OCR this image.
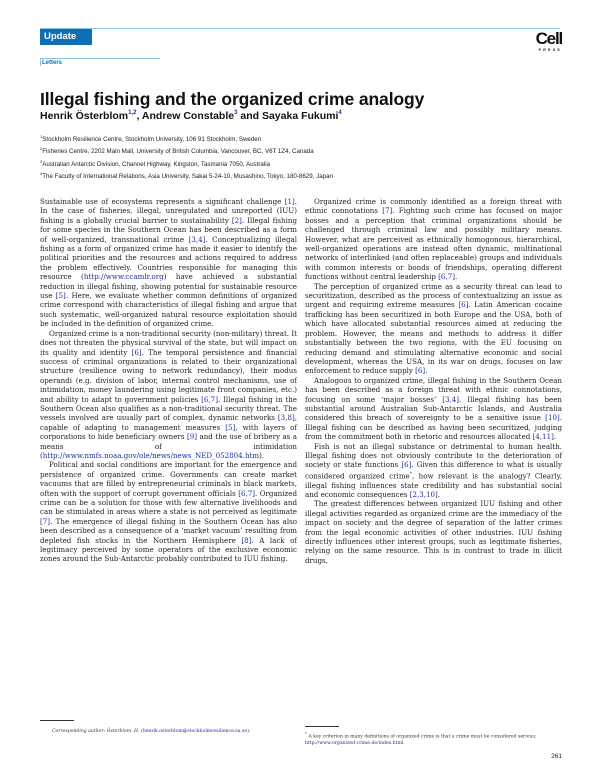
Update	Cell
PRESS
Letters
Illegal fishing and the organized crime analogy
Henrik Österblom$^{1,2}$, Andrew Constable$^3$ and Sayaka Fukumi$^4$
$^1$Stockholm Resilience Centre, Stockholm University, 106 91 Stockholm, Sweden
$^2$Fisheries Centre, 2202 Main Mall, University of British Columbia, Vancouver, BC, V6T 1Z4, Canada
$^3$Australian Antarctic Division, Channel Highway, Kingston, Tasmania 7050, Australia
$^4$The Faculty of International Relations, Asia University, Sakai 5-24-10, Musashino, Tokyo, 180-8629, Japan

Sustainable use of ecosystems represents a significant challenge [1]. In the case of fisheries, illegal, unregulated and unreported (IUU) fishing is a globally crucial barrier to sustainability [2]. Illegal fishing for some species in the Southern Ocean has been described as a form of well-organized, transnational crime [3,4]. Conceptualizing illegal fishing as a form of organized crime has made it easier to identify the political priorities and the resources and actions required to address the problem effectively. Countries responsible for managing this resource (http://www.ccamlr.org) have achieved a substantial reduction in illegal fishing, showing potential for sustainable resource use [5]. Here, we evaluate whether common definitions of organized crime correspond with characteristics of illegal fishing and argue that such systematic, well-organized natural resource exploitation should be included in the definition of organized crime.

Organized crime is a non-traditional security (non-military) threat. It does not threaten the physical survival of the state, but will impact on its quality and identity [6]. The temporal persistence and financial success of criminal organizations is related to their organizational structure (resilience owing to network redundancy), their modus operandi (e.g. division of labor, internal control mechanisms, use of intimidation, money laundering using legitimate front companies, etc.) and ability to adapt to government policies [6,7]. Illegal fishing in the Southern Ocean also qualifies as a non-traditional security threat. The vessels involved are usually part of complex, dynamic networks [3,8], capable of adapting to management measures [5], with layers of corporations to hide beneficiary owners [9] and the use of bribery as a means of intimidation (http://www.nmfs.noaa.gov/ole/news/news_NED_052804.htm).

Political and social conditions are important for the emergence and persistence of organized crime. Governments can create market vacuums that are filled by entrepreneurial criminals in black markets, often with the support of corrupt government officials [6,7]. Organized crime can be a solution for those with few alternative livelihoods and can be stimulated in areas where a state is not perceived as legitimate [7]. The emergence of illegal fishing in the Southern Ocean has also been described as a consequence of a ‘market vacuum’ resulting from depleted fish stocks in the Northern Hemisphere [8]. A lack of legitimacy perceived by some operators of the exclusive economic zones around the Sub-Antarctic probably contributed to IUU fishing.

Organized crime is commonly identified as a foreign threat with ethnic connotations [7]. Fighting such crime has focused on major bosses and a perception that criminal organizations should be challenged through criminal law and possibly military means. However, what are perceived as ethnically homogonous, hierarchical, well-organized operations are instead often dynamic, multinational networks of interlinked (and often replaceable) groups and individuals with common interests or bonds of friendships, operating different functions without central leadership [6,7].

The perception of organized crime as a security threat can lead to securitization, described as the process of contextualizing an issue as urgent and requiring extreme measures [6]. Latin American cocaine trafficking has been securitized in both Europe and the USA, both of which have allocated substantial resources aimed at reducing the problem. However, the means and methods to address it differ substantially between the two regions, with the EU focusing on reducing demand and stimulating alternative economic and social development, whereas the USA, in its war on drugs, focuses on law enforcement to reduce supply [6].

Analogous to organized crime, illegal fishing in the Southern Ocean has been described as a foreign threat with ethnic connotations, focusing on some ‘major bosses’ [3,4]. Illegal fishing has been substantial around Australian Sub-Antarctic Islands, and Australia considered this breach of sovereignty to be a sensitive issue [10]. Illegal fishing can be described as having been securitized, judging from the commitment both in rhetoric and resources allocated [4,11].

Fish is not an illegal substance or detrimental to human health. Illegal fishing does not obviously contribute to the deterioration of society or state functions [6]. Given this difference to what is usually considered organized crime*, how relevant is the analogy? Clearly, illegal fishing influences state credibility and has substantial social and economic consequences [2,3,10].

The greatest differences between organized IUU fishing and other illegal activities regarded as organized crime are the immediacy of the impact on society and the degree of separation of the latter crimes from the legal economic activities of other industries. IUU fishing directly influences other interest groups, such as legitimate fisheries, relying on the same resource. This is in contrast to trade in illicit drugs,

Corresponding author: Österblom, H. (henrik.osterblom@stockholmresilience.su.se).	* A key criterion in many definitions of organized crime is that a crime must be considered serious; http://www.organized-crime.de/index.html.
261
